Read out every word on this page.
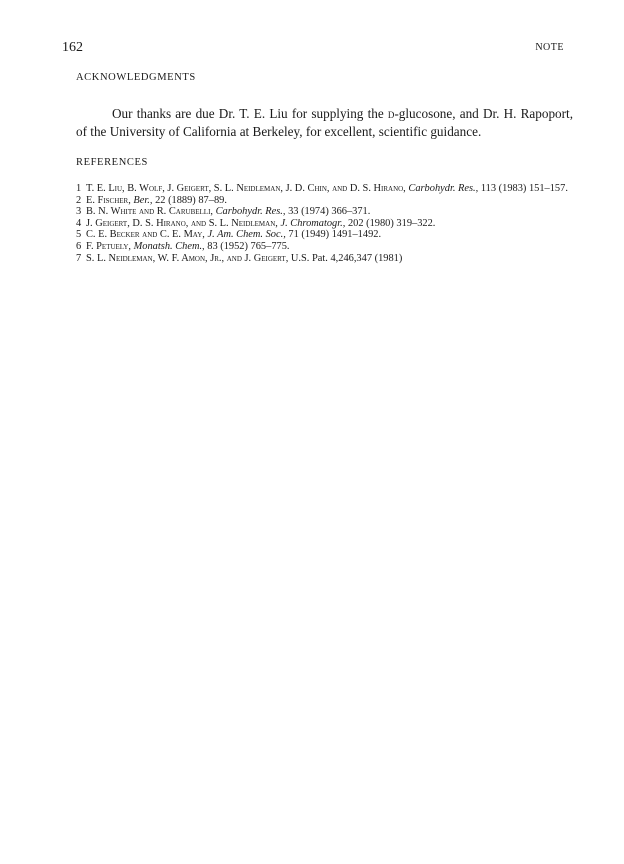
162	NOTE
ACKNOWLEDGMENTS

Our thanks are due Dr. T. E. Liu for supplying the d-glucosone, and Dr. H. Rapoport, of the University of California at Berkeley, for excellent, scientific guidance.

REFERENCES
1 T. E. Liu, B. Wolf, J. Geigert, S. L. Neidleman, J. D. Chin, and D. S. Hirano, Carbohydr. Res., 113 (1983) 151–157.
2 E. Fischer, Ber., 22 (1889) 87–89.
3 B. N. White and R. Carubelli, Carbohydr. Res., 33 (1974) 366–371.
4 J. Geigert, D. S. Hirano, and S. L. Neidleman, J. Chromatogr., 202 (1980) 319–322.
5 C. E. Becker and C. E. May, J. Am. Chem. Soc., 71 (1949) 1491–1492.
6 F. Petuely, Monatsh. Chem., 83 (1952) 765–775.
7 S. L. Neidleman, W. F. Amon, Jr., and J. Geigert, U.S. Pat. 4,246,347 (1981)
